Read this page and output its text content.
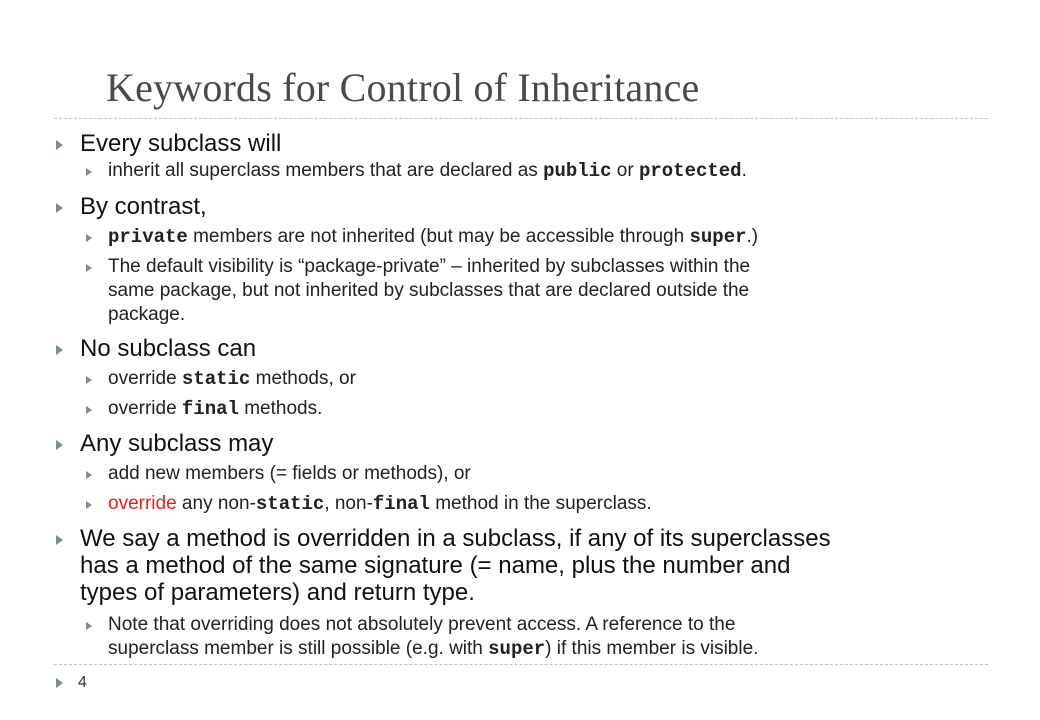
Keywords for Control of Inheritance
Every subclass will
inherit all superclass members that are declared as public or protected.
By contrast,
private members are not inherited (but may be accessible through super.)
The default visibility is “package-private” – inherited by subclasses within the
same package, but not inherited by subclasses that are declared outside the
package.
No subclass can
override static methods, or
override final methods.
Any subclass may
add new members (= fields or methods), or
override any non-static, non-final method in the superclass.
We say a method is overridden in a subclass, if any of its superclasses
has a method of the same signature (= name, plus the number and
types of parameters) and return type.
Note that overriding does not absolutely prevent access. A reference to the
superclass member is still possible (e.g. with super) if this member is visible.
4
